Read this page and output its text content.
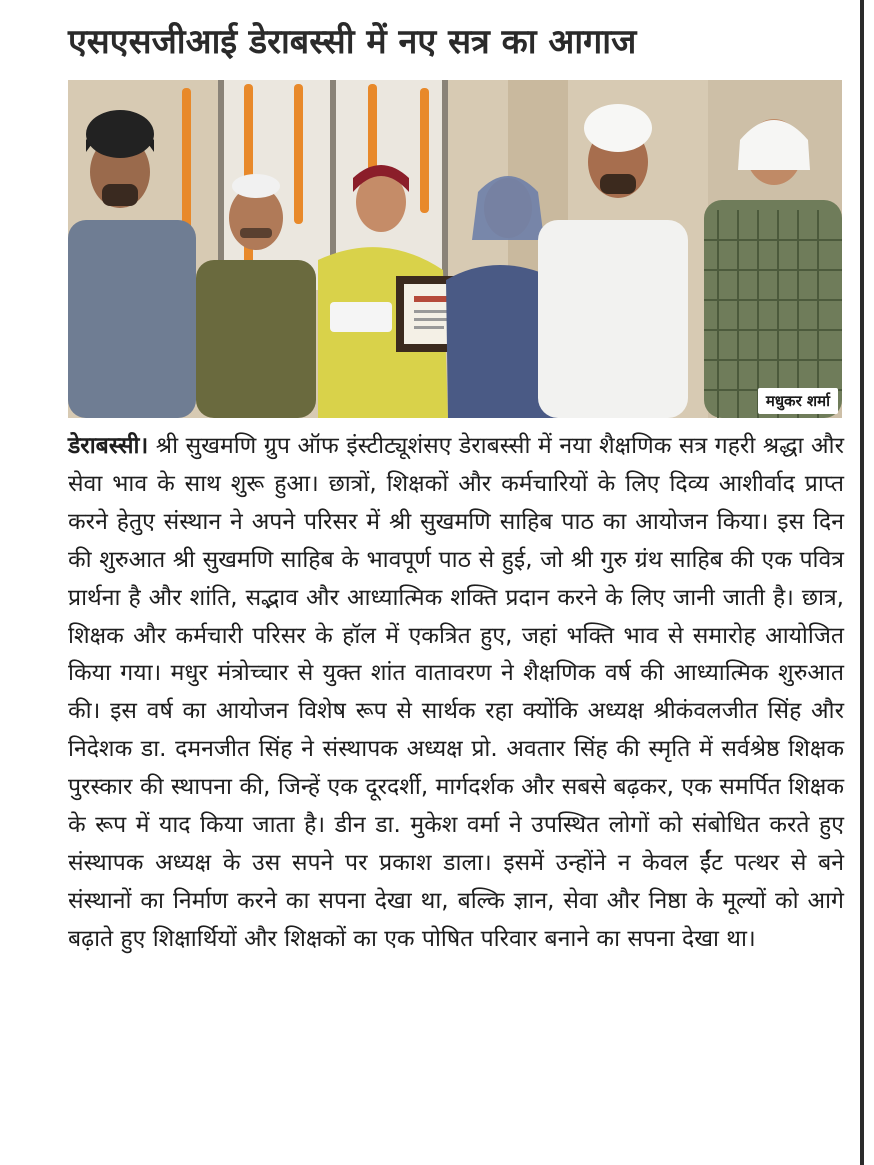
एसएसजीआई डेराबस्सी में नए सत्र का आगाज
मधुकर शर्मा

डेराबस्सी। श्री सुखमणि ग्रुप ऑफ इंस्टीट्यूशंसए डेराबस्सी में नया शैक्षणिक सत्र गहरी श्रद्धा और सेवा भाव के साथ शुरू हुआ। छात्रों, शिक्षकों और कर्मचारियों के लिए दिव्य आशीर्वाद प्राप्त करने हेतुए संस्थान ने अपने परिसर में श्री सुखमणि साहिब पाठ का आयोजन किया। इस दिन की शुरुआत श्री सुखमणि साहिब के भावपूर्ण पाठ से हुई, जो श्री गुरु ग्रंथ साहिब की एक पवित्र प्रार्थना है और शांति, सद्भाव और आध्यात्मिक शक्ति प्रदान करने के लिए जानी जाती है। छात्र, शिक्षक और कर्मचारी परिसर के हॉल में एकत्रित हुए, जहां भक्ति भाव से समारोह आयोजित किया गया। मधुर मंत्रोच्चार से युक्त शांत वातावरण ने शैक्षणिक वर्ष की आध्यात्मिक शुरुआत की। इस वर्ष का आयोजन विशेष रूप से सार्थक रहा क्योंकि अध्यक्ष श्रीकंवलजीत सिंह और निदेशक डा. दमनजीत सिंह ने संस्थापक अध्यक्ष प्रो. अवतार सिंह की स्मृति में सर्वश्रेष्ठ शिक्षक पुरस्कार की स्थापना की, जिन्हें एक दूरदर्शी, मार्गदर्शक और सबसे बढ़कर, एक समर्पित शिक्षक के रूप में याद किया जाता है। डीन डा. मुकेश वर्मा ने उपस्थित लोगों को संबोधित करते हुए संस्थापक अध्यक्ष के उस सपने पर प्रकाश डाला। इसमें उन्होंने न केवल ईंट पत्थर से बने संस्थानों का निर्माण करने का सपना देखा था, बल्कि ज्ञान, सेवा और निष्ठा के मूल्यों को आगे बढ़ाते हुए शिक्षार्थियों और शिक्षकों का एक पोषित परिवार बनाने का सपना देखा था।
